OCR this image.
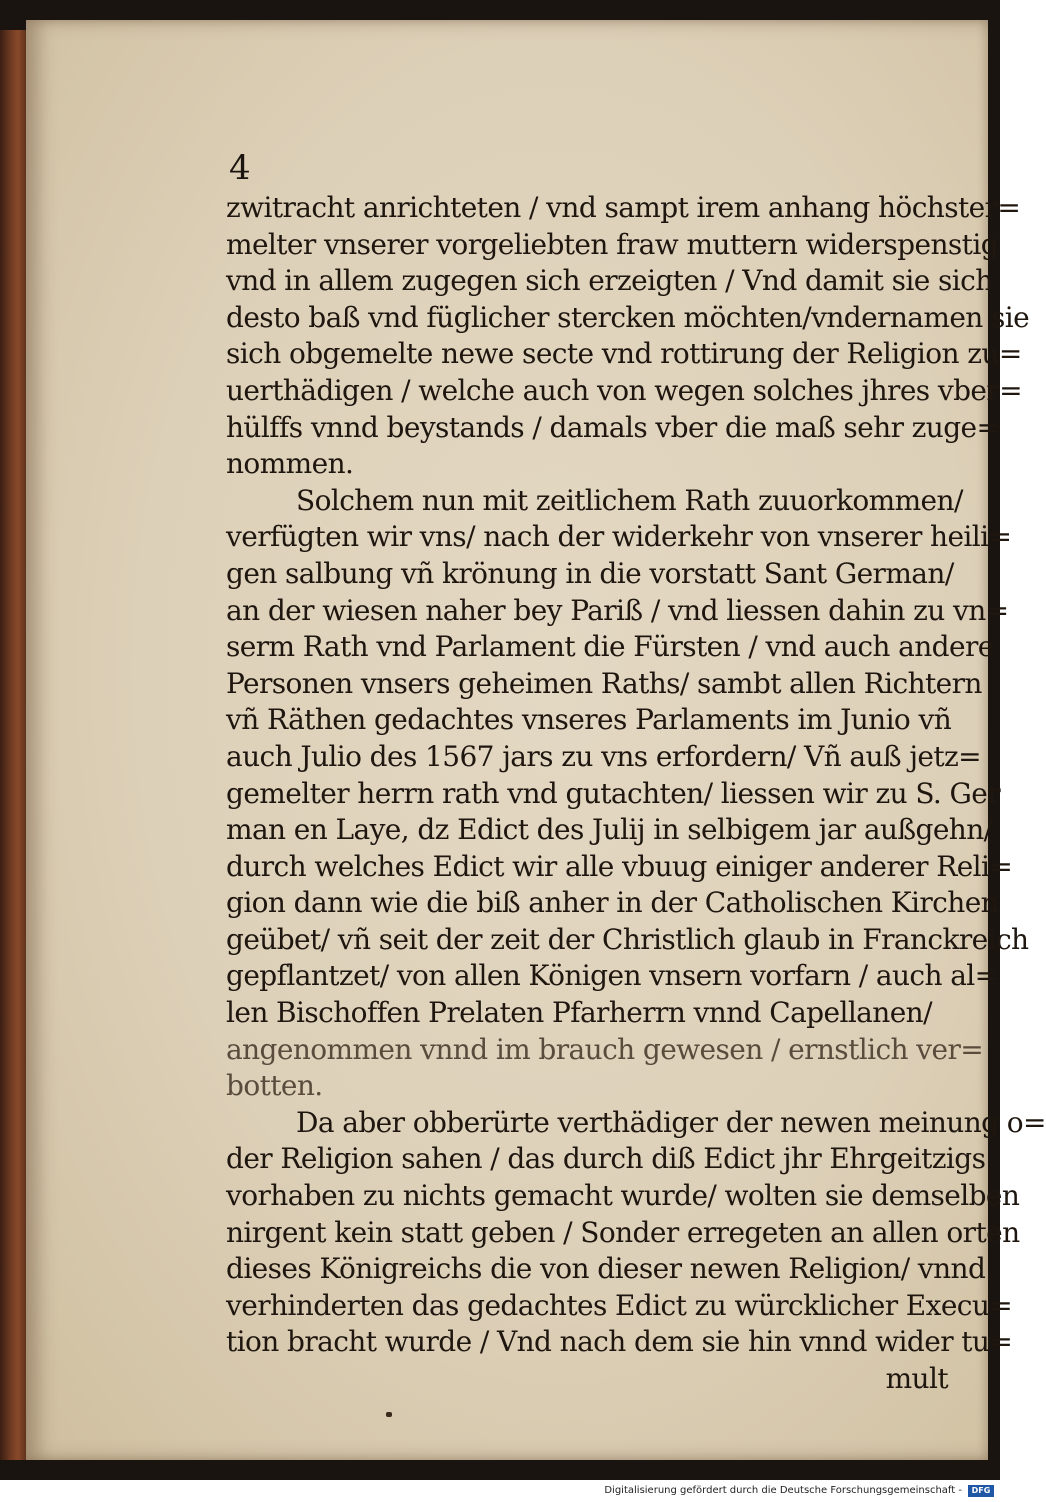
4
zwitracht anrichteten / vnd sampt irem anhang höchster=
melter vnserer vorgeliebten fraw muttern widerspenstig
vnd in allem zugegen sich erzeigten / Vnd damit sie sich
desto baß vnd füglicher stercken möchten/vndernamen sie
sich obgemelte newe secte vnd rottirung der Religion zu=
uerthädigen / welche auch von wegen solches jhres vber=
hülffs vnnd beystands / damals vber die maß sehr zuge=
nommen.
Solchem nun mit zeitlichem Rath zuuorkommen/
verfügten wir vns/ nach der widerkehr von vnserer heili=
gen salbung vñ krönung in die vorstatt Sant German/
an der wiesen naher bey Pariß / vnd liessen dahin zu vn=
serm Rath vnd Parlament die Fürsten / vnd auch andere
Personen vnsers geheimen Raths/ sambt allen Richtern
vñ Räthen gedachtes vnseres Parlaments im Junio vñ
auch Julio des 1567 jars zu vns erfordern/ Vñ auß jetz=
gemelter herrn rath vnd gutachten/ liessen wir zu S. Ger
man en Laye, dz Edict des Julij in selbigem jar außgehn/
durch welches Edict wir alle vbuug einiger anderer Reli=
gion dann wie die biß anher in der Catholischen Kirchen
geübet/ vñ seit der zeit der Christlich glaub in Franckreich
gepflantzet/ von allen Königen vnsern vorfarn / auch al=
len Bischoffen Prelaten Pfarherrn vnnd Capellanen/
angenommen vnnd im brauch gewesen / ernstlich ver=
botten.
Da aber obberürte verthädiger der newen meinung o=
der Religion sahen / das durch diß Edict jhr Ehrgeitzigs
vorhaben zu nichts gemacht wurde/ wolten sie demselben
nirgent kein statt geben / Sonder erregeten an allen orten
dieses Königreichs die von dieser newen Religion/ vnnd
verhinderten das gedachtes Edict zu würcklicher Execu=
tion bracht wurde / Vnd nach dem sie hin vnnd wider tu=
mult
Digitalisierung gefördert durch die Deutsche Forschungsgemeinschaft -	DFG
